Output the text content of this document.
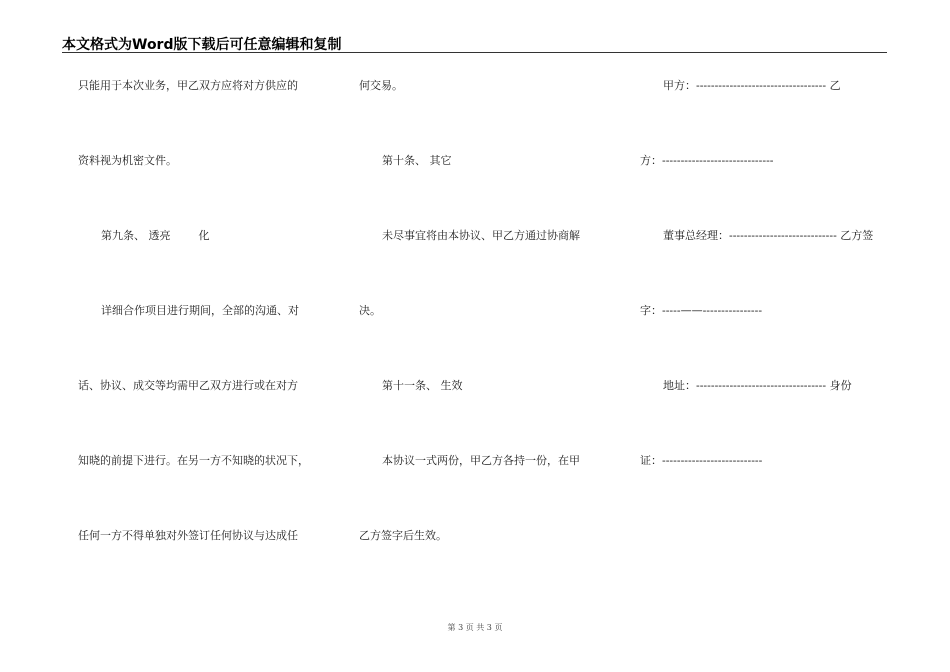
本文格式为Word版下载后可任意编辑和复制
只能用于本次业务，甲乙双方应将对方供应的
资料视为机密文件。
第九条、 透亮        化
详细合作项目进行期间，全部的沟通、对
话、协议、成交等均需甲乙双方进行或在对方
知晓的前提下进行。在另一方不知晓的状况下，
任何一方不得单独对外签订任何协议与达成任
何交易。
第十条、 其它
未尽事宜将由本协议、甲乙方通过协商解
决。
第十一条、 生效
本协议一式两份，甲乙方各持一份，在甲
乙方签字后生效。
甲方：----------------------------------- 乙
方：------------------------------
董事总经理：----------------------------- 乙方签
字：-----——----------------
地址：----------------------------------- 身份
证：---------------------------
第 3 页 共 3 页
